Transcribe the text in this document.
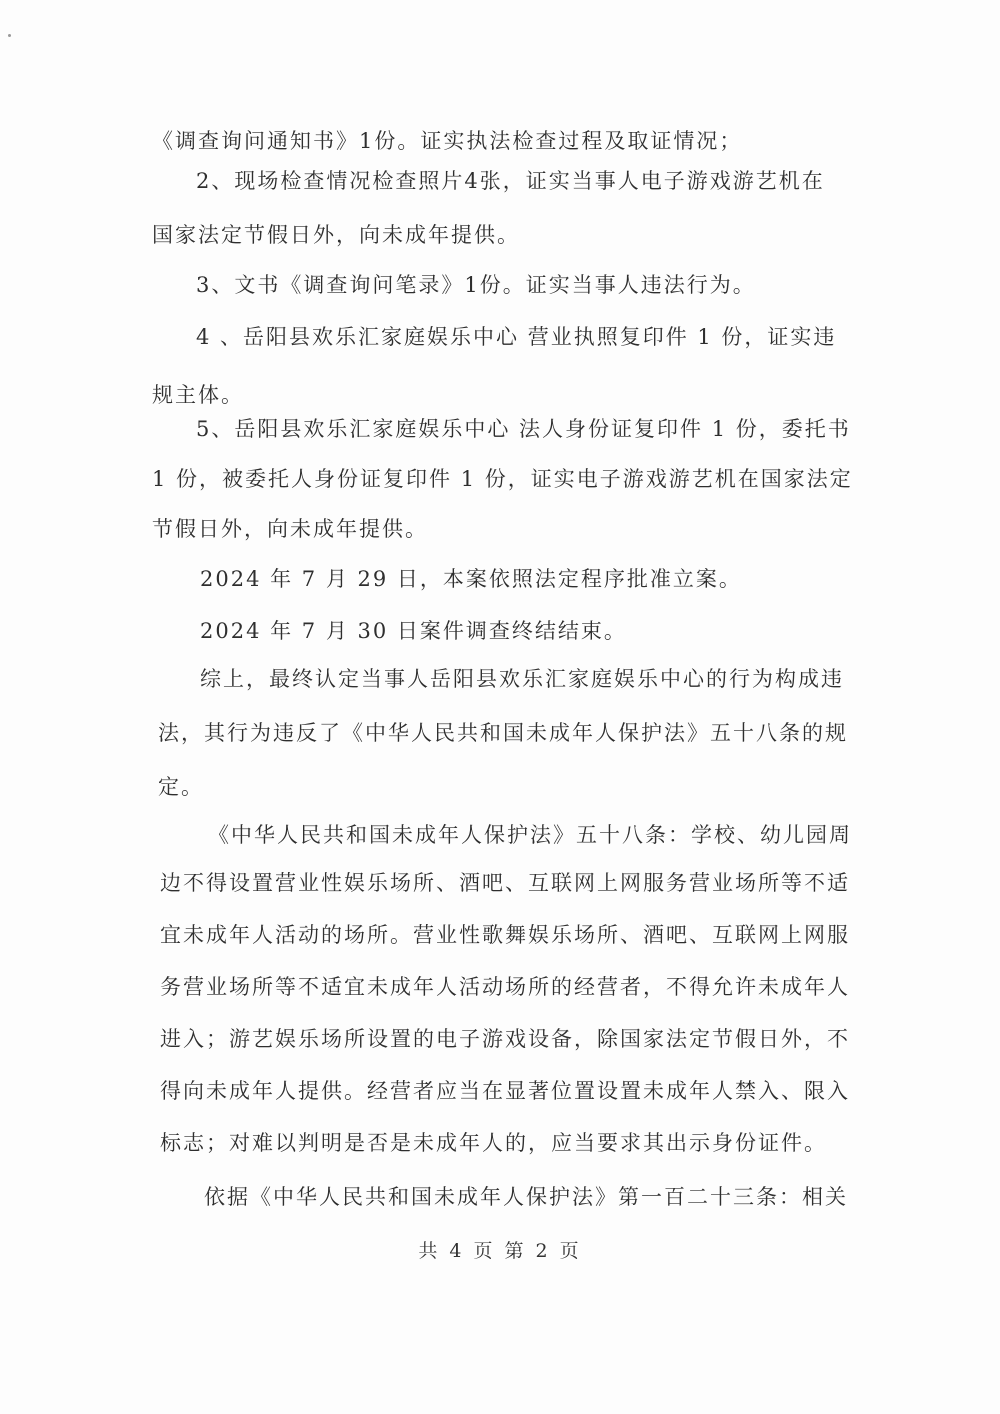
《调查询问通知书》1份。证实执法检查过程及取证情况；
2、现场检查情况检查照片4张，证实当事人电子游戏游艺机在
国家法定节假日外，向未成年提供。
3、文书《调查询问笔录》1份。证实当事人违法行为。
4 、岳阳县欢乐汇家庭娱乐中心 营业执照复印件 1 份，证实违
规主体。
5、岳阳县欢乐汇家庭娱乐中心 法人身份证复印件 1 份，委托书
1 份，被委托人身份证复印件 1 份，证实电子游戏游艺机在国家法定
节假日外，向未成年提供。
2024 年 7 月 29 日，本案依照法定程序批准立案。
2024 年 7 月 30 日案件调查终结结束。
综上，最终认定当事人岳阳县欢乐汇家庭娱乐中心的行为构成违
法，其行为违反了《中华人民共和国未成年人保护法》五十八条的规
定。
《中华人民共和国未成年人保护法》五十八条：学校、幼儿园周
边不得设置营业性娱乐场所、酒吧、互联网上网服务营业场所等不适
宜未成年人活动的场所。营业性歌舞娱乐场所、酒吧、互联网上网服
务营业场所等不适宜未成年人活动场所的经营者，不得允许未成年人
进入；游艺娱乐场所设置的电子游戏设备，除国家法定节假日外，不
得向未成年人提供。经营者应当在显著位置设置未成年人禁入、限入
标志；对难以判明是否是未成年人的，应当要求其出示身份证件。
依据《中华人民共和国未成年人保护法》第一百二十三条：相关
共 4 页 第 2 页
